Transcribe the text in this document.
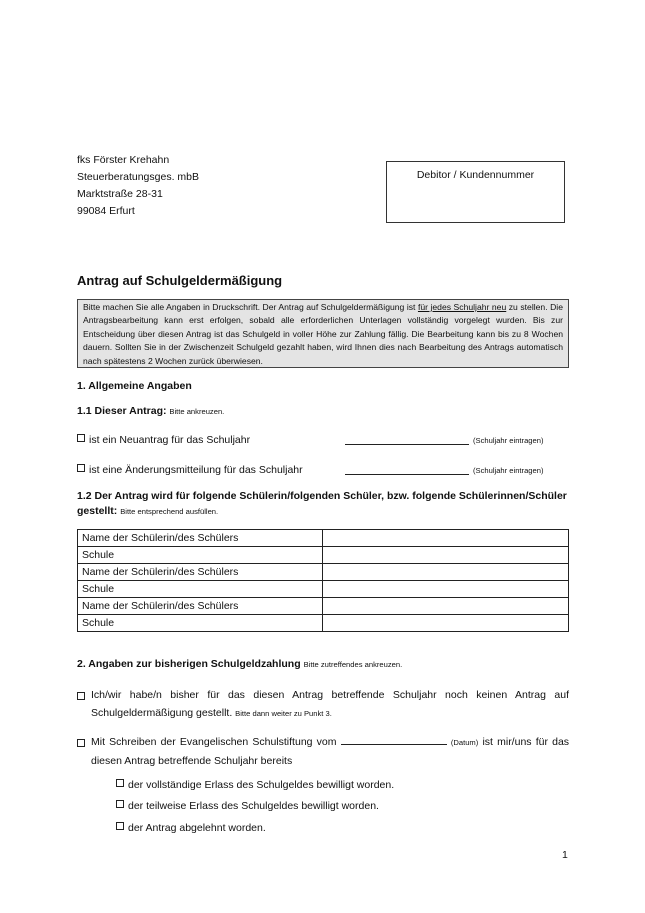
fks Förster Krehahn
Steuerberatungsges. mbB
Marktstraße 28-31
99084 Erfurt
Debitor / Kundennummer
Antrag auf Schulgeldermäßigung
Bitte machen Sie alle Angaben in Druckschrift. Der Antrag auf Schulgeldermäßigung ist für jedes Schuljahr neu zu stellen. Die Antragsbearbeitung kann erst erfolgen, sobald alle erforderlichen Unterlagen vollständig vorgelegt wurden. Bis zur Entscheidung über diesen Antrag ist das Schulgeld in voller Höhe zur Zahlung fällig. Die Bearbeitung kann bis zu 8 Wochen dauern. Sollten Sie in der Zwischenzeit Schulgeld gezahlt haben, wird Ihnen dies nach Bearbeitung des Antrags automatisch nach spätestens 2 Wochen zurück überwiesen.
1. Allgemeine Angaben
1.1 Dieser Antrag: Bitte ankreuzen.
ist ein Neuantrag für das Schuljahr	(Schuljahr eintragen)
ist eine Änderungsmitteilung für das Schuljahr	(Schuljahr eintragen)
1.2 Der Antrag wird für folgende Schülerin/folgenden Schüler, bzw. folgende Schülerinnen/Schüler gestellt: Bitte entsprechend ausfüllen.
Name der Schülerin/des Schülers	
Schule	
Name der Schülerin/des Schülers	
Schule	
Name der Schülerin/des Schülers	
Schule	
2. Angaben zur bisherigen Schulgeldzahlung Bitte zutreffendes ankreuzen.
Ich/wir habe/n bisher für das diesen Antrag betreffende Schuljahr noch keinen Antrag auf Schulgeldermäßigung gestellt. Bitte dann weiter zu Punkt 3.
Mit Schreiben der Evangelischen Schulstiftung vom	(Datum) ist mir/uns für das diesen Antrag betreffende Schuljahr bereits
der vollständige Erlass des Schulgeldes bewilligt worden.
der teilweise Erlass des Schulgeldes bewilligt worden.
der Antrag abgelehnt worden.
1
